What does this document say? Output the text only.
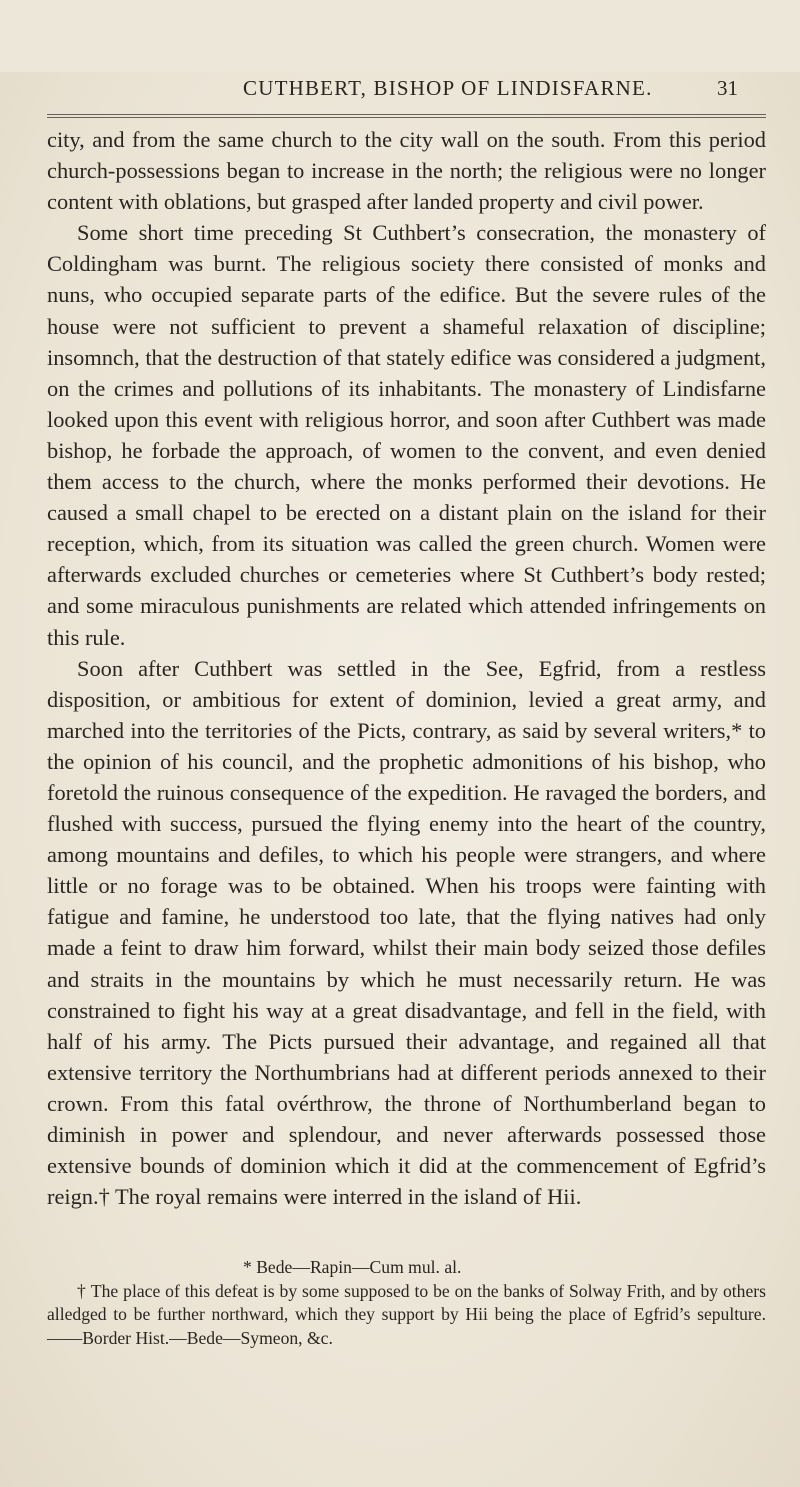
CUTHBERT, BISHOP OF LINDISFARNE.	31

city, and from the same church to the city wall on the south. From this period church-possessions began to increase in the north; the religious were no longer content with oblations, but grasped after landed property and civil power.

Some short time preceding St Cuthbert’s consecration, the monastery of Coldingham was burnt. The religious society there consisted of monks and nuns, who occupied separate parts of the edifice. But the severe rules of the house were not sufficient to prevent a shameful relaxation of discipline; insomnch, that the destruction of that stately edifice was considered a judgment, on the crimes and pollutions of its inhabitants. The monastery of Lindisfarne looked upon this event with religious horror, and soon after Cuthbert was made bishop, he forbade the approach, of women to the convent, and even denied them access to the church, where the monks performed their devotions. He caused a small chapel to be erected on a distant plain on the island for their reception, which, from its situation was called the green church. Women were afterwards excluded churches or cemeteries where St Cuthbert’s body rested; and some miraculous punishments are related which attended infringements on this rule.

Soon after Cuthbert was settled in the See, Egfrid, from a restless disposition, or ambitious for extent of dominion, levied a great army, and marched into the territories of the Picts, contrary, as said by several writers,* to the opinion of his council, and the prophetic admonitions of his bishop, who foretold the ruinous consequence of the expedition. He ravaged the borders, and flushed with success, pursued the flying enemy into the heart of the country, among mountains and defiles, to which his people were strangers, and where little or no forage was to be obtained. When his troops were fainting with fatigue and famine, he understood too late, that the flying natives had only made a feint to draw him forward, whilst their main body seized those defiles and straits in the mountains by which he must necessarily return. He was constrained to fight his way at a great disadvantage, and fell in the field, with half of his army. The Picts pursued their advantage, and regained all that extensive territory the Northumbrians had at different periods annexed to their crown. From this fatal ovérthrow, the throne of Northumberland began to diminish in power and splendour, and never afterwards possessed those extensive bounds of dominion which it did at the commencement of Egfrid’s reign.† The royal remains were interred in the island of Hii.

* Bede—Rapin—Cum mul. al.

† The place of this defeat is by some supposed to be on the banks of Solway Frith, and by others alledged to be further northward, which they support by Hii being the place of Egfrid’s sepulture.——Border Hist.—Bede—Symeon, &c.
